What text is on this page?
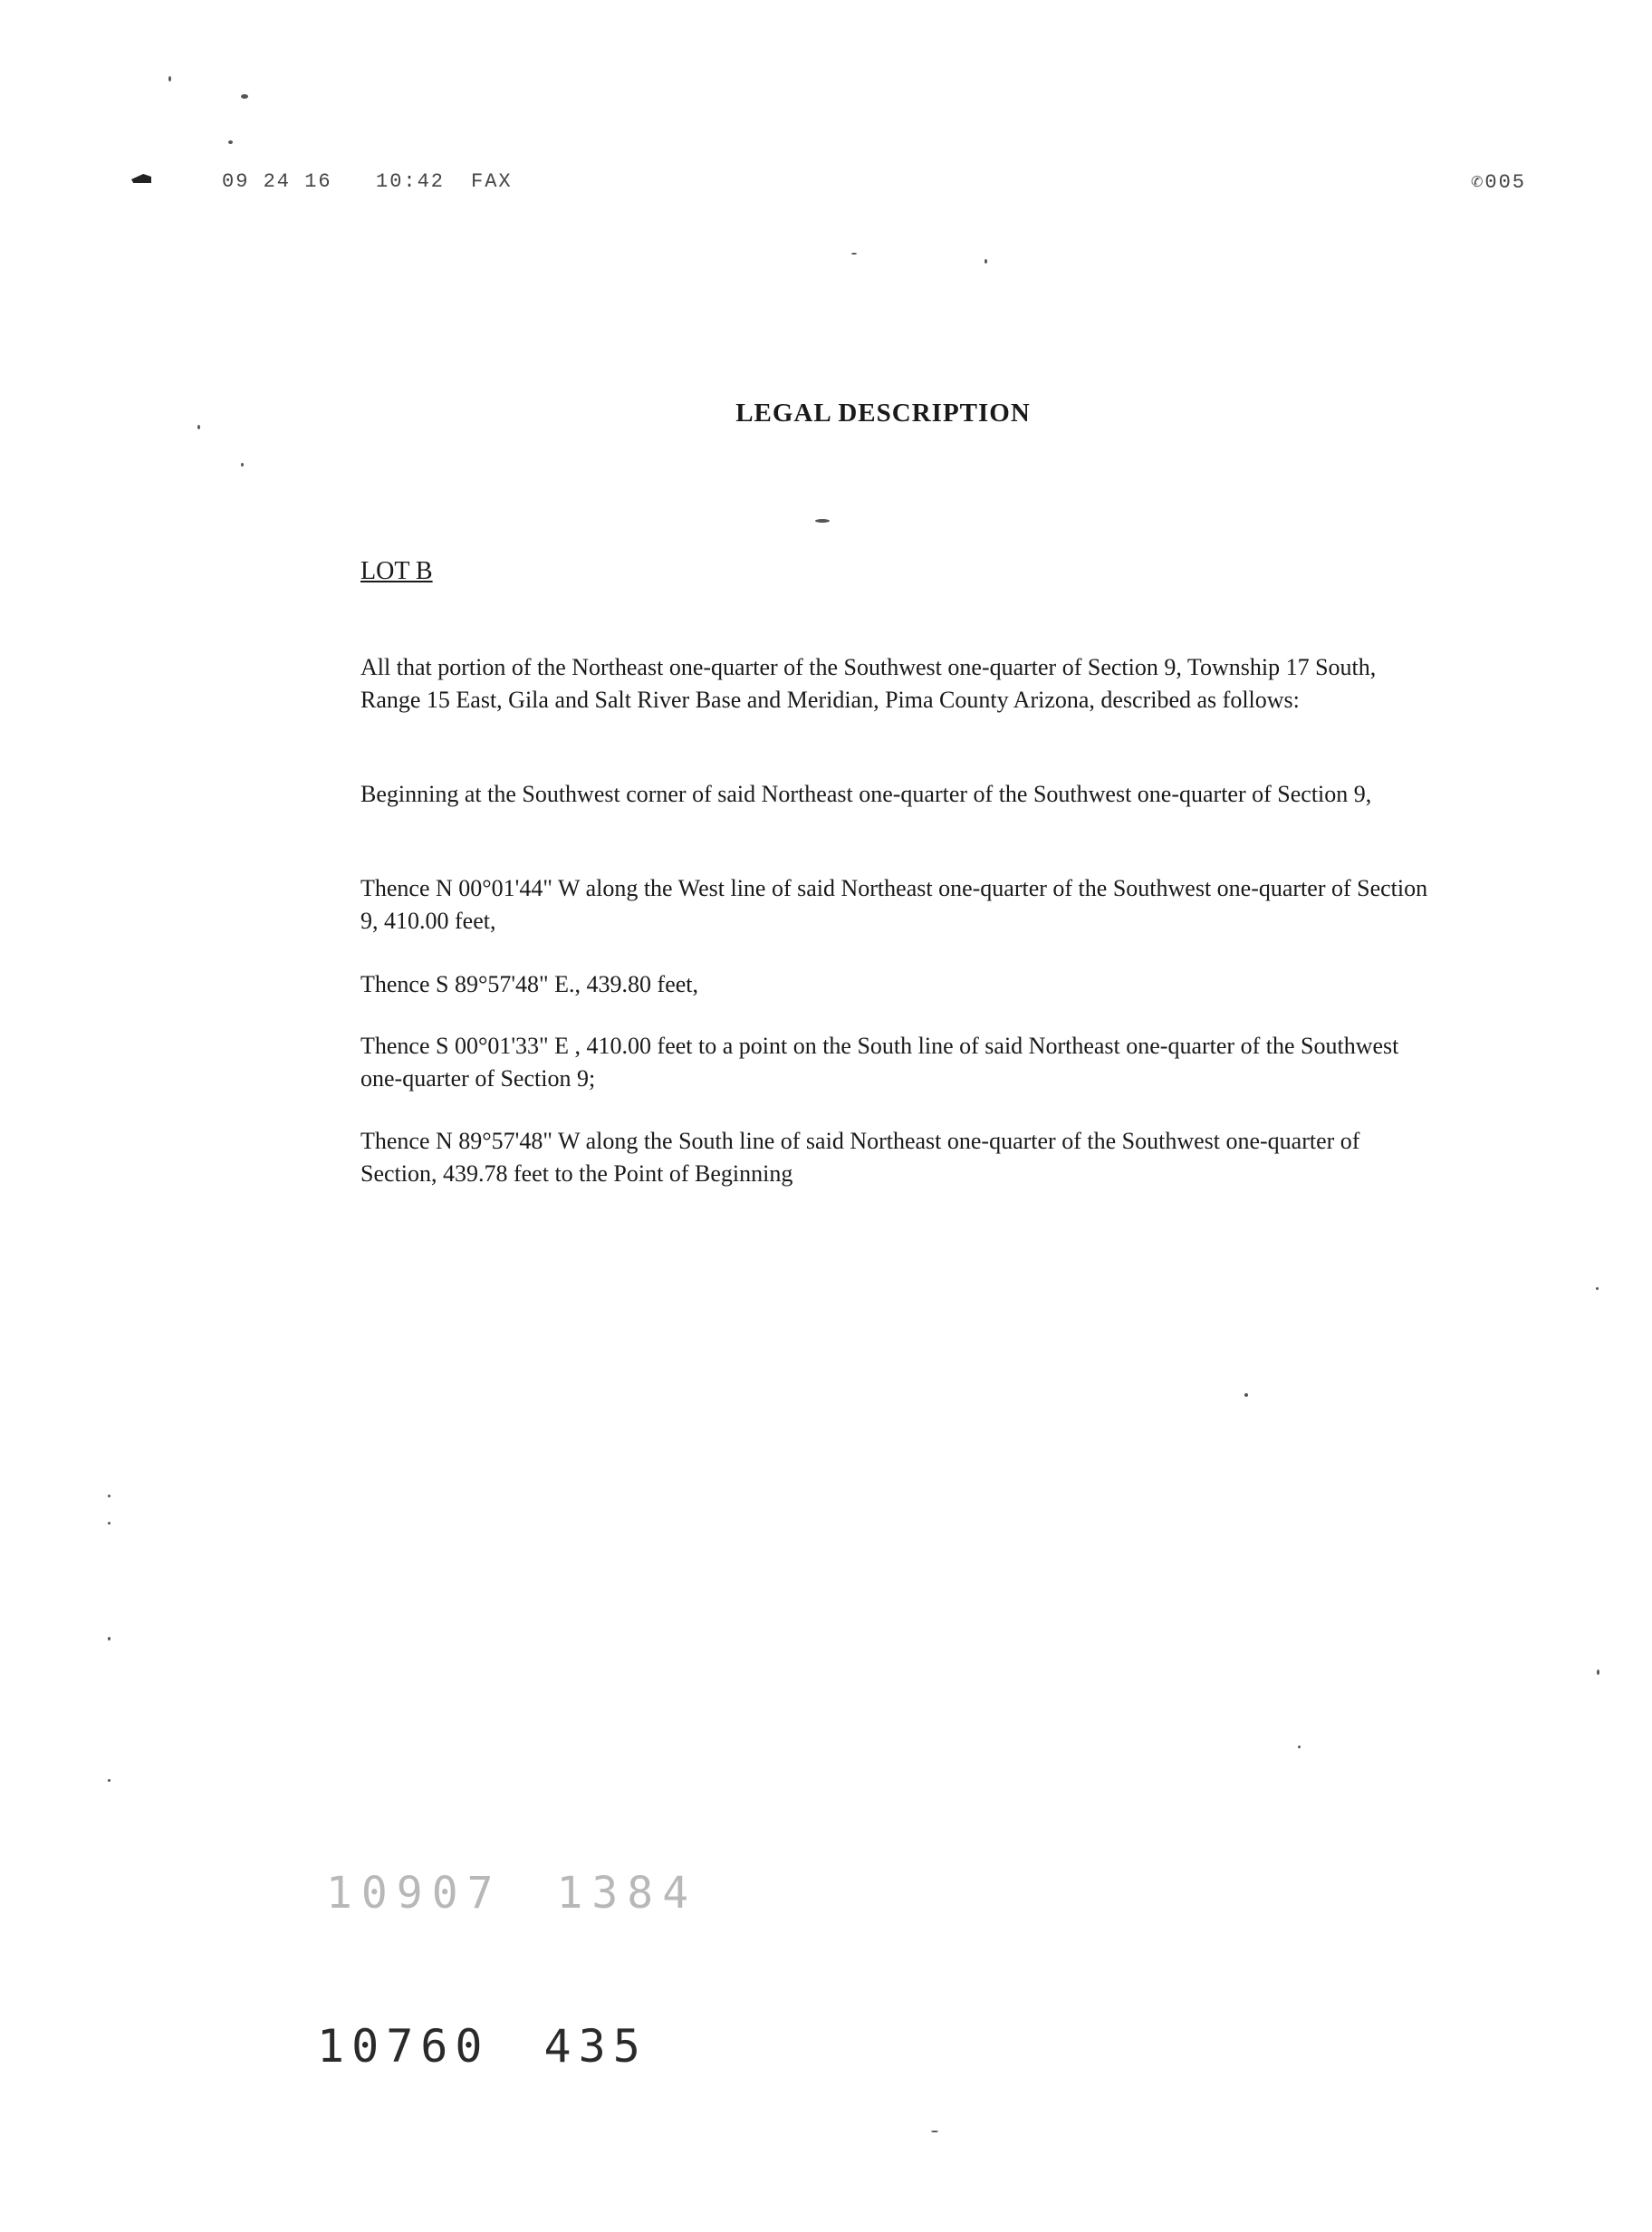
09 24 16 10:42 FAX	✆005
LEGAL DESCRIPTION
LOT B

All that portion of the Northeast one-quarter of the Southwest one-quarter of Section 9, Township 17 South, Range 15 East, Gila and Salt River Base and Meridian, Pima County Arizona, described as follows:

Beginning at the Southwest corner of said Northeast one-quarter of the Southwest one-quarter of Section 9,

Thence N 00°01'44" W along the West line of said Northeast one-quarter of the Southwest one-quarter of Section 9, 410.00 feet,

Thence S 89°57'48" E., 439.80 feet,

Thence S 00°01'33" E , 410.00 feet to a point on the South line of said Northeast one-quarter of the Southwest one-quarter of Section 9;

Thence N 89°57'48" W along the South line of said Northeast one-quarter of the Southwest one-quarter of Section, 439.78 feet to the Point of Beginning

10907 1384
10760 435
